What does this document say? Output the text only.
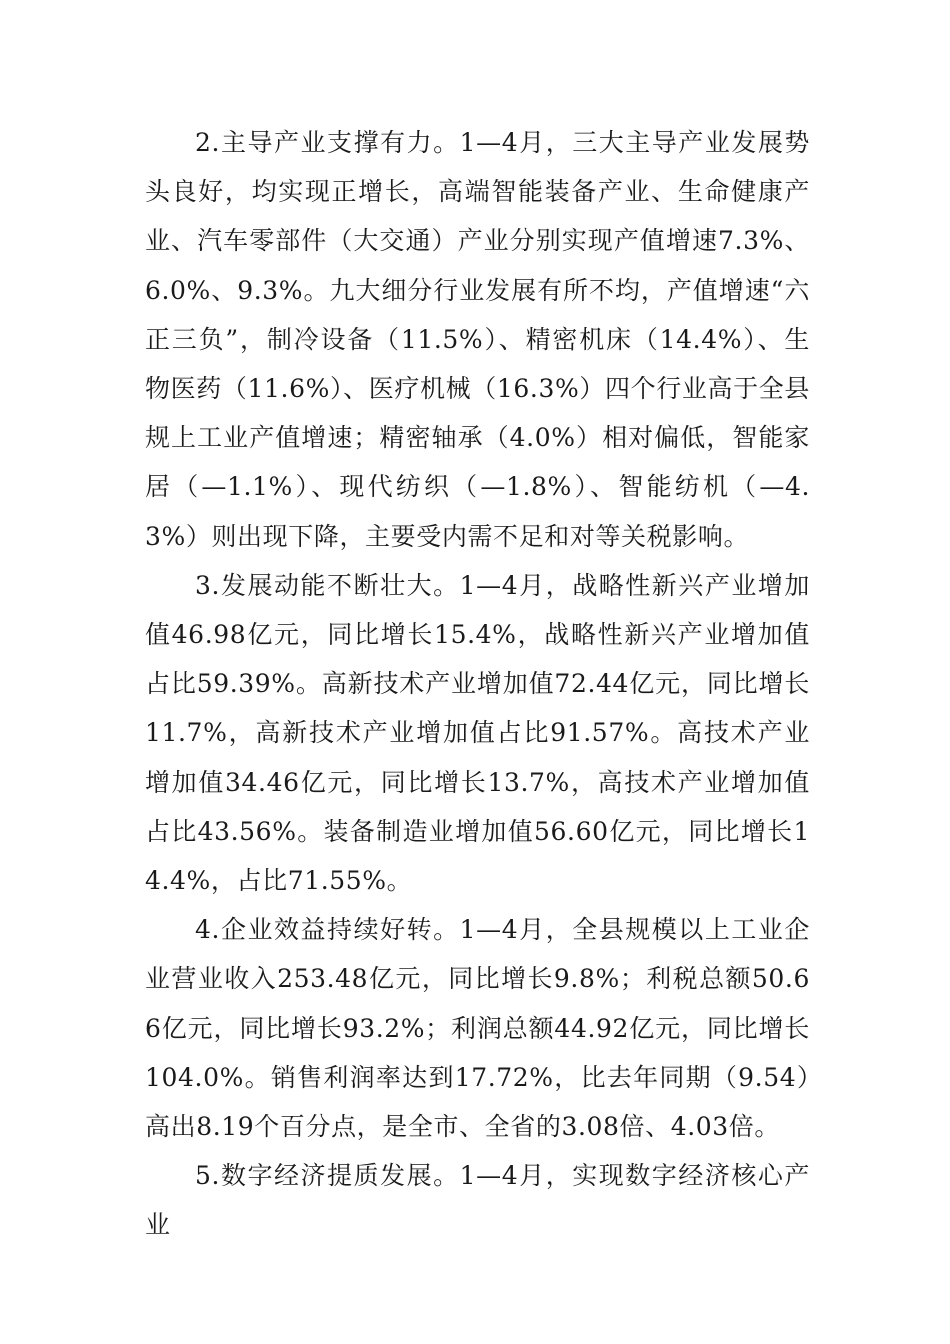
2.主导产业支撑有力。1—4月，三大主导产业发展势头良好，均实现正增长，高端智能装备产业、生命健康产业、汽车零部件（大交通）产业分别实现产值增速7.3%、6.0%、9.3%。九大细分行业发展有所不均，产值增速“六正三负”，制冷设备（11.5%）、精密机床（14.4%）、生物医药（11.6%）、医疗机械（16.3%）四个行业高于全县规上工业产值增速；精密轴承（4.0%）相对偏低，智能家居（—1.1%）、现代纺织（—1.8%）、智能纺机（—4.3%）则出现下降，主要受内需不足和对等关税影响。

3.发展动能不断壮大。1—4月，战略性新兴产业增加值46.98亿元，同比增长15.4%，战略性新兴产业增加值占比59.39%。高新技术产业增加值72.44亿元，同比增长11.7%，高新技术产业增加值占比91.57%。高技术产业增加值34.46亿元，同比增长13.7%，高技术产业增加值占比43.56%。装备制造业增加值56.60亿元，同比增长14.4%，占比71.55%。

4.企业效益持续好转。1—4月，全县规模以上工业企业营业收入253.48亿元，同比增长9.8%；利税总额50.66亿元，同比增长93.2%；利润总额44.92亿元，同比增长104.0%。销售利润率达到17.72%，比去年同期（9.54）高出8.19个百分点，是全市、全省的3.08倍、4.03倍。

5.数字经济提质发展。1—4月，实现数字经济核心产业
